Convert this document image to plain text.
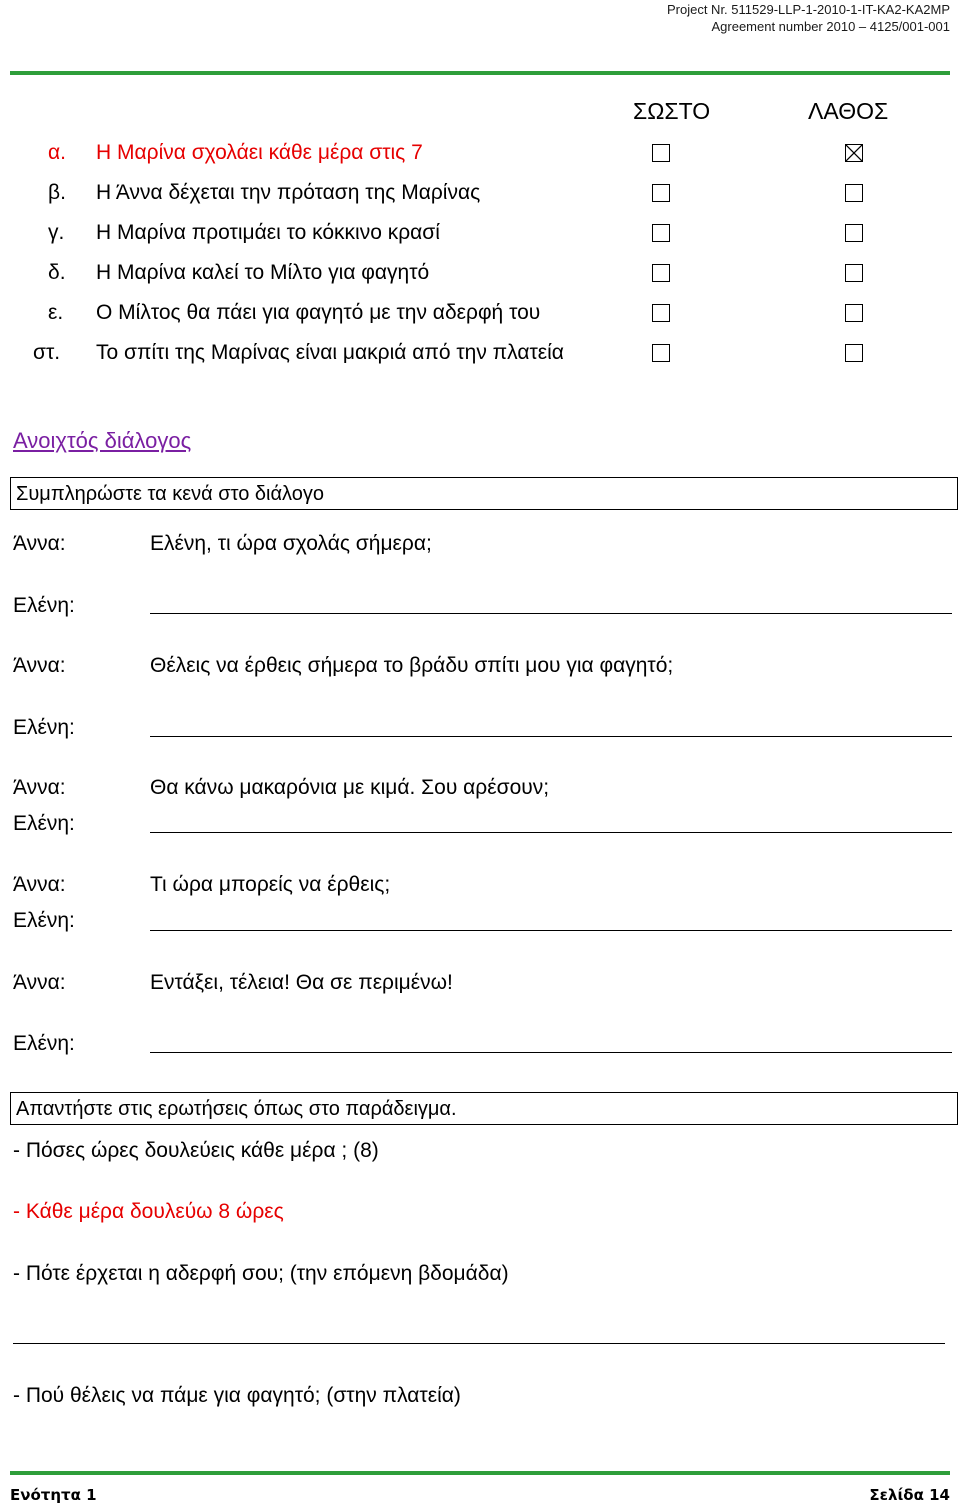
Project Nr. 511529-LLP-1-2010-1-IT-KA2-KA2MP
Agreement number 2010 – 4125/001-001
ΣΩΣΤΟ	ΛΑΘΟΣ
α. Η Μαρίνα σχολάει κάθε μέρα στις 7
β. Η Άννα δέχεται την πρόταση της Μαρίνας
γ. Η Μαρίνα προτιμάει το κόκκινο κρασί
δ. Η Μαρίνα καλεί το Μίλτο για φαγητό
ε. Ο Μίλτος θα πάει για φαγητό με την αδερφή του
στ. Το σπίτι της Μαρίνας είναι μακριά από την πλατεία
Ανοιχτός διάλογος
Συμπληρώστε τα κενά στο διάλογο
Άννα:	Ελένη, τι ώρα σχολάς σήμερα;
Ελένη:
Άννα:	Θέλεις να έρθεις σήμερα το βράδυ σπίτι μου για φαγητό;
Ελένη:
Άννα:	Θα κάνω μακαρόνια με κιμά. Σου αρέσουν;
Ελένη:
Άννα:	Τι ώρα μπορείς να έρθεις;
Ελένη:
Άννα:	Εντάξει, τέλεια! Θα σε περιμένω!
Ελένη:
Απαντήστε στις ερωτήσεις όπως στο παράδειγμα.
- Πόσες ώρες δουλεύεις κάθε μέρα ; (8)
- Κάθε μέρα δουλεύω 8 ώρες
- Πότε έρχεται η αδερφή σου; (την επόμενη βδομάδα)
- Πού θέλεις να πάμε για φαγητό; (στην πλατεία)
Ενότητα 1	Σελίδα 14
